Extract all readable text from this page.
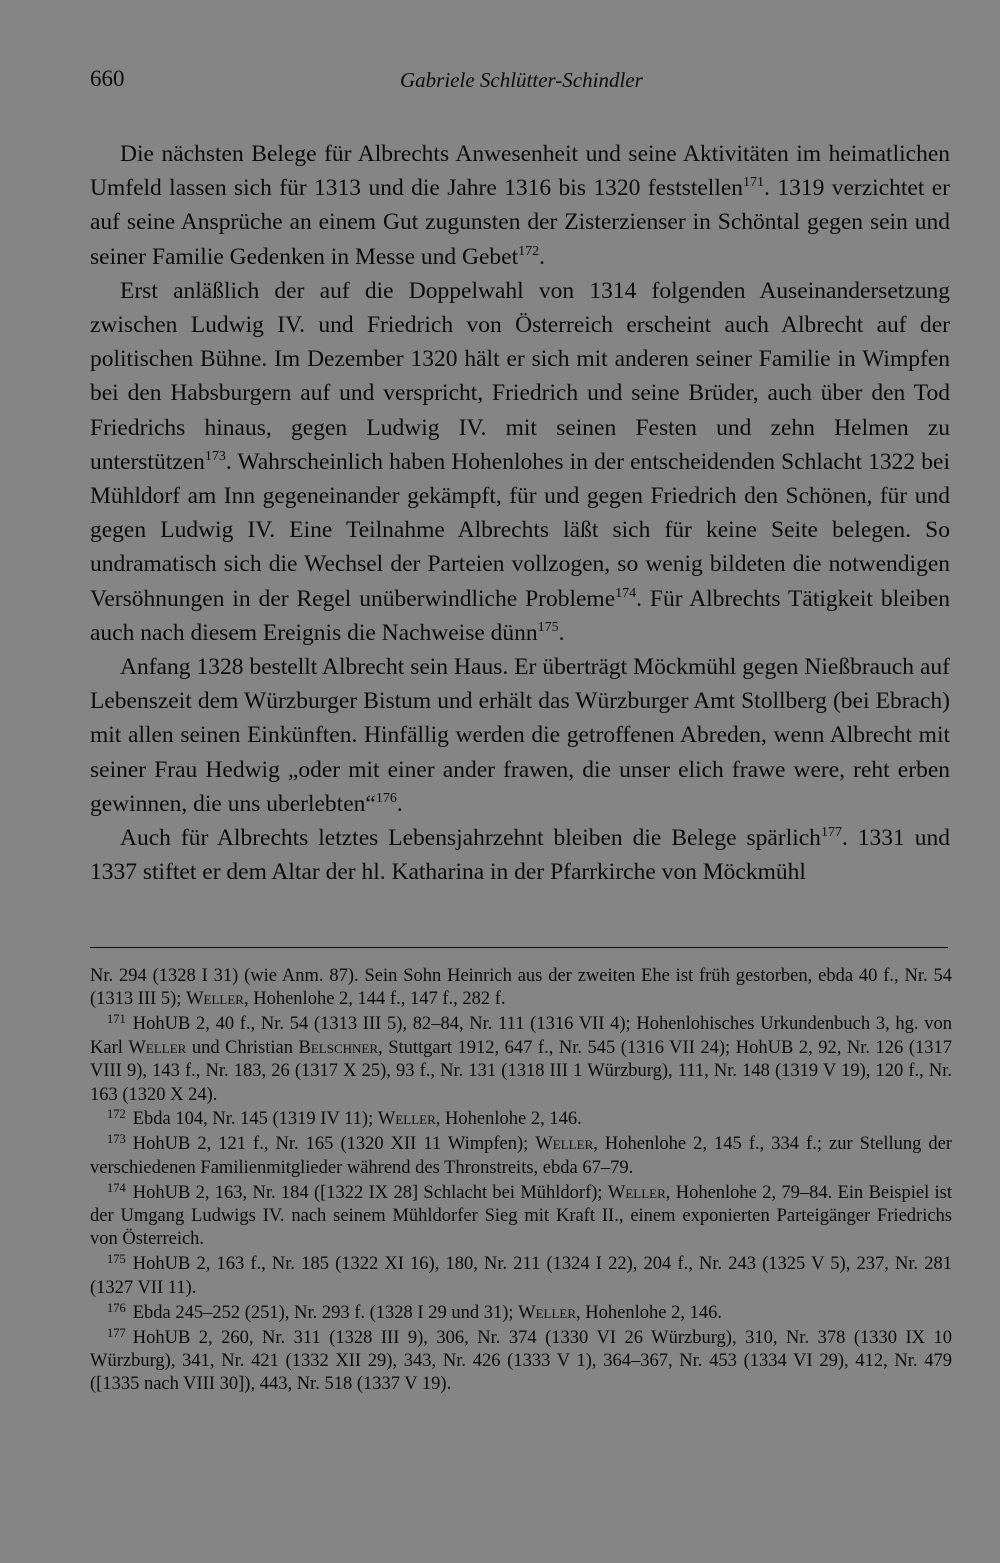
660	Gabriele Schlütter-Schindler

Die nächsten Belege für Albrechts Anwesenheit und seine Aktivitäten im heimatlichen Umfeld lassen sich für 1313 und die Jahre 1316 bis 1320 feststellen$^{171}$. 1319 verzichtet er auf seine Ansprüche an einem Gut zugunsten der Zisterzienser in Schöntal gegen sein und seiner Familie Gedenken in Messe und Gebet$^{172}$.

Erst anläßlich der auf die Doppelwahl von 1314 folgenden Auseinandersetzung zwischen Ludwig IV. und Friedrich von Österreich erscheint auch Albrecht auf der politischen Bühne. Im Dezember 1320 hält er sich mit anderen seiner Familie in Wimpfen bei den Habsburgern auf und verspricht, Friedrich und seine Brüder, auch über den Tod Friedrichs hinaus, gegen Ludwig IV. mit seinen Festen und zehn Helmen zu unterstützen$^{173}$. Wahrscheinlich haben Hohenlohes in der entscheidenden Schlacht 1322 bei Mühldorf am Inn gegeneinander gekämpft, für und gegen Friedrich den Schönen, für und gegen Ludwig IV. Eine Teilnahme Albrechts läßt sich für keine Seite belegen. So undramatisch sich die Wechsel der Parteien vollzogen, so wenig bildeten die notwendigen Versöhnungen in der Regel unüberwindliche Probleme$^{174}$. Für Albrechts Tätigkeit bleiben auch nach diesem Ereignis die Nachweise dünn$^{175}$.

Anfang 1328 bestellt Albrecht sein Haus. Er überträgt Möckmühl gegen Nießbrauch auf Lebenszeit dem Würzburger Bistum und erhält das Würzburger Amt Stollberg (bei Ebrach) mit allen seinen Einkünften. Hinfällig werden die getroffenen Abreden, wenn Albrecht mit seiner Frau Hedwig „oder mit einer ander frawen, die unser elich frawe were, reht erben gewinnen, die uns uberlebten“$^{176}$.

Auch für Albrechts letztes Lebensjahrzehnt bleiben die Belege spärlich$^{177}$. 1331 und 1337 stiftet er dem Altar der hl. Katharina in der Pfarrkirche von Möckmühl

Nr. 294 (1328 I 31) (wie Anm. 87). Sein Sohn Heinrich aus der zweiten Ehe ist früh gestorben, ebda 40 f., Nr. 54 (1313 III 5); Weller, Hohenlohe 2, 144 f., 147 f., 282 f.

$^{171}$ HohUB 2, 40 f., Nr. 54 (1313 III 5), 82–84, Nr. 111 (1316 VII 4); Hohenlohisches Urkundenbuch 3, hg. von Karl Weller und Christian Belschner, Stuttgart 1912, 647 f., Nr. 545 (1316 VII 24); HohUB 2, 92, Nr. 126 (1317 VIII 9), 143 f., Nr. 183, 26 (1317 X 25), 93 f., Nr. 131 (1318 III 1 Würzburg), 111, Nr. 148 (1319 V 19), 120 f., Nr. 163 (1320 X 24).

$^{172}$ Ebda 104, Nr. 145 (1319 IV 11); Weller, Hohenlohe 2, 146.

$^{173}$ HohUB 2, 121 f., Nr. 165 (1320 XII 11 Wimpfen); Weller, Hohenlohe 2, 145 f., 334 f.; zur Stellung der verschiedenen Familienmitglieder während des Thronstreits, ebda 67–79.

$^{174}$ HohUB 2, 163, Nr. 184 ([1322 IX 28] Schlacht bei Mühldorf); Weller, Hohenlohe 2, 79–84. Ein Beispiel ist der Umgang Ludwigs IV. nach seinem Mühldorfer Sieg mit Kraft II., einem exponierten Parteigänger Friedrichs von Österreich.

$^{175}$ HohUB 2, 163 f., Nr. 185 (1322 XI 16), 180, Nr. 211 (1324 I 22), 204 f., Nr. 243 (1325 V 5), 237, Nr. 281 (1327 VII 11).

$^{176}$ Ebda 245–252 (251), Nr. 293 f. (1328 I 29 und 31); Weller, Hohenlohe 2, 146.

$^{177}$ HohUB 2, 260, Nr. 311 (1328 III 9), 306, Nr. 374 (1330 VI 26 Würzburg), 310, Nr. 378 (1330 IX 10 Würzburg), 341, Nr. 421 (1332 XII 29), 343, Nr. 426 (1333 V 1), 364–367, Nr. 453 (1334 VI 29), 412, Nr. 479 ([1335 nach VIII 30]), 443, Nr. 518 (1337 V 19).
